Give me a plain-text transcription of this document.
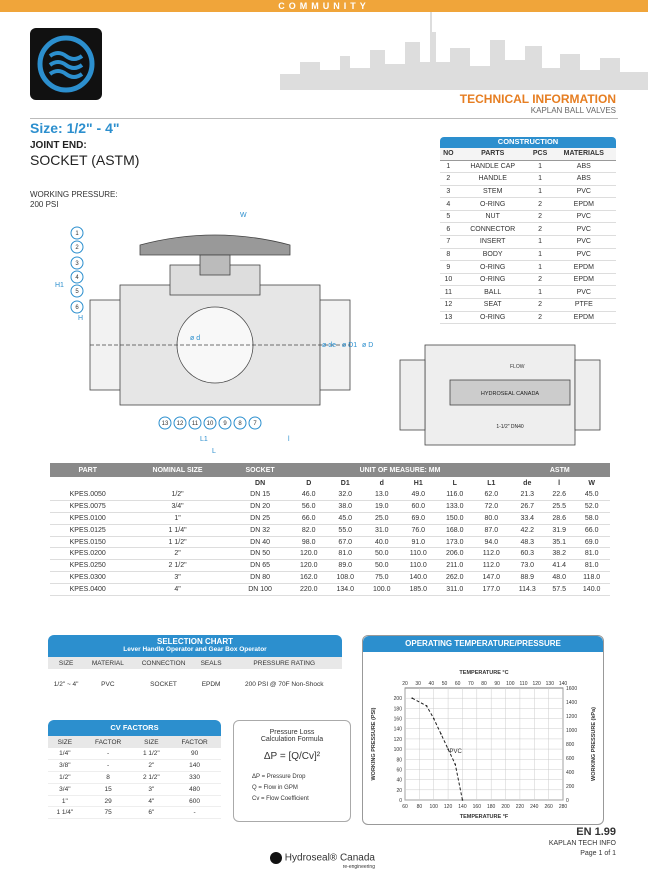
COMMUNITY
TECHNICAL INFORMATION
KAPLAN BALL VALVES
Size: 1/2" - 4"
JOINT END:
SOCKET (ASTM)
WORKING PRESSURE:
200 PSI
CONSTRUCTION
NO	PARTS	PCS	MATERIALS
1	HANDLE CAP	1	ABS
2	HANDLE	1	ABS
3	STEM	1	PVC
4	O-RING	2	EPDM
5	NUT	2	PVC
6	CONNECTOR	2	PVC
7	INSERT	1	PVC
8	BODY	1	PVC
9	O-RING	1	EPDM
10	O-RING	2	EPDM
11	BALL	1	PVC
12	SEAT	2	PTFE
13	O-RING	2	EPDM
W
H1
H
ø d
ø de ø D1 ø D
L1
L
l
1
2
3
4
5
6
13 12 11 10 9 8 7
FLOW
HYDROSEAL CANADA
1-1/2" DN40
PART	NOMINAL SIZE	SOCKET	UNIT OF MEASURE: MM						ASTM		
		DN	D	D1	d	H1	L	L1	de	l	W
KPES.0050	1/2"	DN 15	46.0	32.0	13.0	49.0	116.0	62.0	21.3	22.6	45.0
KPES.0075	3/4"	DN 20	56.0	38.0	19.0	60.0	133.0	72.0	26.7	25.5	52.0
KPES.0100	1"	DN 25	66.0	45.0	25.0	69.0	150.0	80.0	33.4	28.6	58.0
KPES.0125	1 1/4"	DN 32	82.0	55.0	31.0	76.0	168.0	87.0	42.2	31.9	66.0
KPES.0150	1 1/2"	DN 40	98.0	67.0	40.0	91.0	173.0	94.0	48.3	35.1	69.0
KPES.0200	2"	DN 50	120.0	81.0	50.0	110.0	206.0	112.0	60.3	38.2	81.0
KPES.0250	2 1/2"	DN 65	120.0	89.0	50.0	110.0	211.0	112.0	73.0	41.4	81.0
KPES.0300	3"	DN 80	162.0	108.0	75.0	140.0	262.0	147.0	88.9	48.0	118.0
KPES.0400	4"	DN 100	220.0	134.0	100.0	185.0	311.0	177.0	114.3	57.5	140.0
SELECTION CHART
Lever Handle Operator and Gear Box Operator
SIZE	MATERIAL	CONNECTION	SEALS	PRESSURE RATING
1/2" ~ 4"	PVC	SOCKET	EPDM	200 PSI @ 70F Non-Shock
CV FACTORS
SIZE	FACTOR	SIZE	FACTOR
1/4"	-	1 1/2"	90
3/8"	-	2"	140
1/2"	8	2 1/2"	330
3/4"	15	3"	480
1"	29	4"	600
1 1/4"	75	6"	-
Pressure Loss Calculation Formula
ΔP = [Q/Cv]²
ΔP = Pressure Drop
Q = Flow in GPM
Cv = Flow Coefficient
OPERATING TEMPERATURE/PRESSURE
60 80 100 120 140 160 180 200 220 240 260 280
0
20
40
60
80
100
120
140
160
180
200
0
200
400
600
800
1000
1200
1400
1600
20 30 40 50 60 70 80 90 100 110 120 130 140
TEMPERATURE °C
TEMPERATURE °F
WORKING PRESSURE (PSI)	WORKING PRESSURE (kPa)
PVC
EN 1.99
KAPLAN TECH INFO
Page 1 of 1
Hydroseal® Canada
re-engineering
